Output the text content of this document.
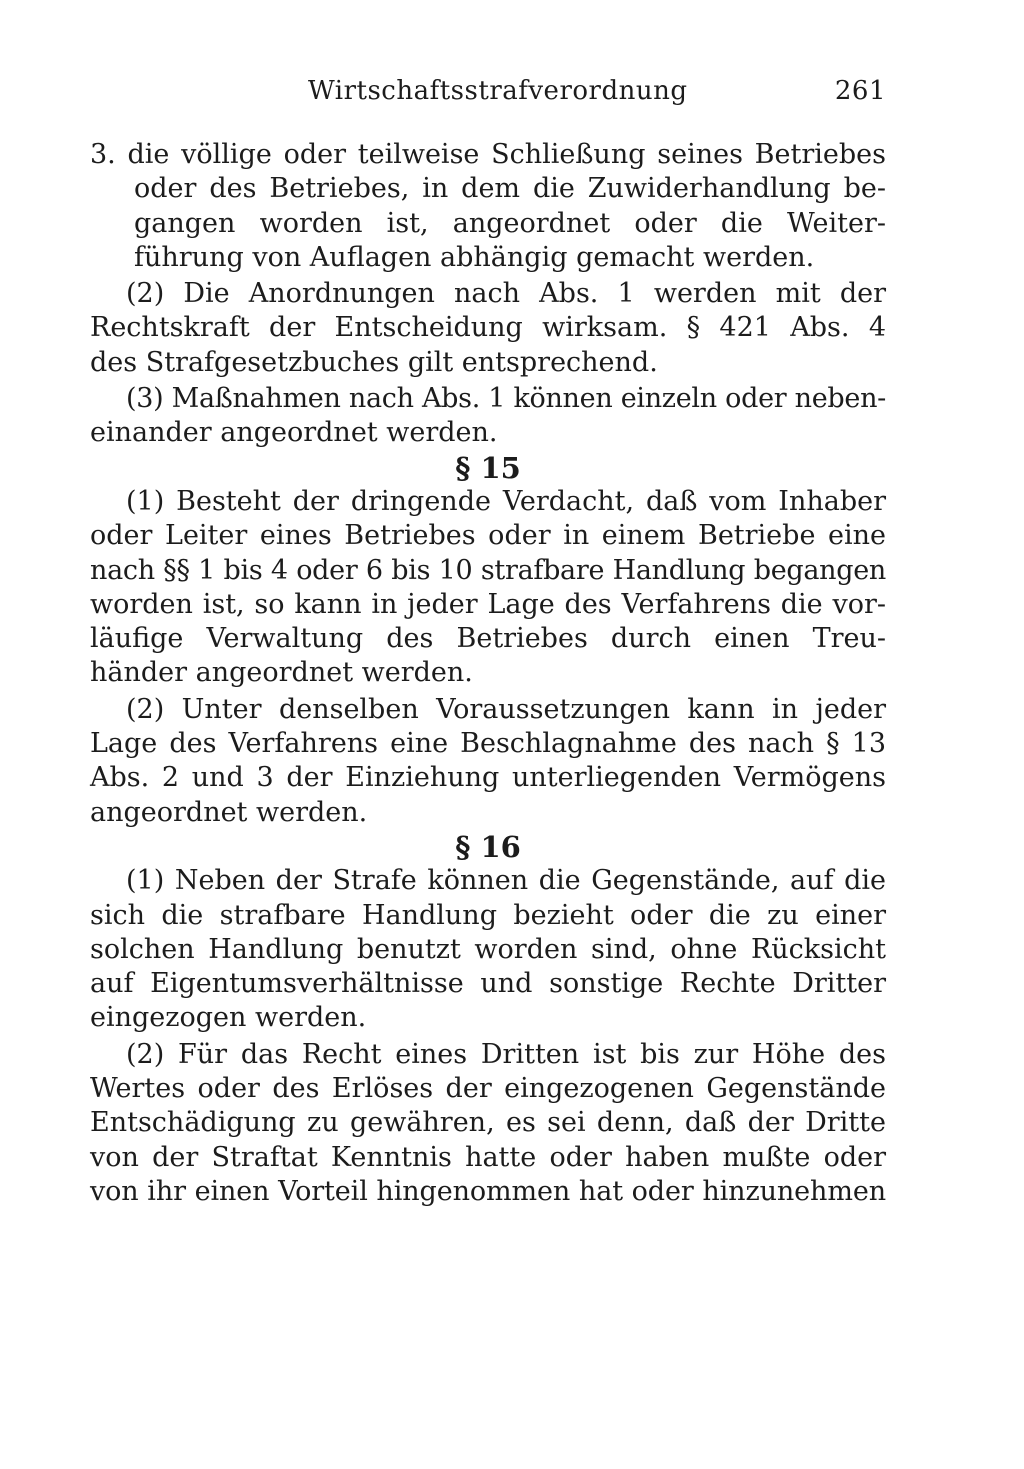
Wirtschaftsstrafverordnung	261
3. die völlige oder teilweise Schließung seines Betriebes
oder des Betriebes, in dem die Zuwiderhandlung be-
gangen worden ist, angeordnet oder die Weiter-
führung von Auflagen abhängig gemacht werden.
(2) Die Anordnungen nach Abs. 1 werden mit der
Rechtskraft der Entscheidung wirksam. § 421 Abs. 4
des Strafgesetzbuches gilt entsprechend.
(3) Maßnahmen nach Abs. 1 können einzeln oder neben-
einander angeordnet werden.

§ 15

(1) Besteht der dringende Verdacht, daß vom Inhaber
oder Leiter eines Betriebes oder in einem Betriebe eine
nach §§ 1 bis 4 oder 6 bis 10 strafbare Handlung begangen
worden ist, so kann in jeder Lage des Verfahrens die vor-
läufige Verwaltung des Betriebes durch einen Treu-
händer angeordnet werden.
(2) Unter denselben Voraussetzungen kann in jeder
Lage des Verfahrens eine Beschlagnahme des nach § 13
Abs. 2 und 3 der Einziehung unterliegenden Vermögens
angeordnet werden.

§ 16

(1) Neben der Strafe können die Gegenstände, auf die
sich die strafbare Handlung bezieht oder die zu einer
solchen Handlung benutzt worden sind, ohne Rücksicht
auf Eigentumsverhältnisse und sonstige Rechte Dritter
eingezogen werden.
(2) Für das Recht eines Dritten ist bis zur Höhe des
Wertes oder des Erlöses der eingezogenen Gegenstände
Entschädigung zu gewähren, es sei denn, daß der Dritte
von der Straftat Kenntnis hatte oder haben mußte oder
von ihr einen Vorteil hingenommen hat oder hinzunehmen
